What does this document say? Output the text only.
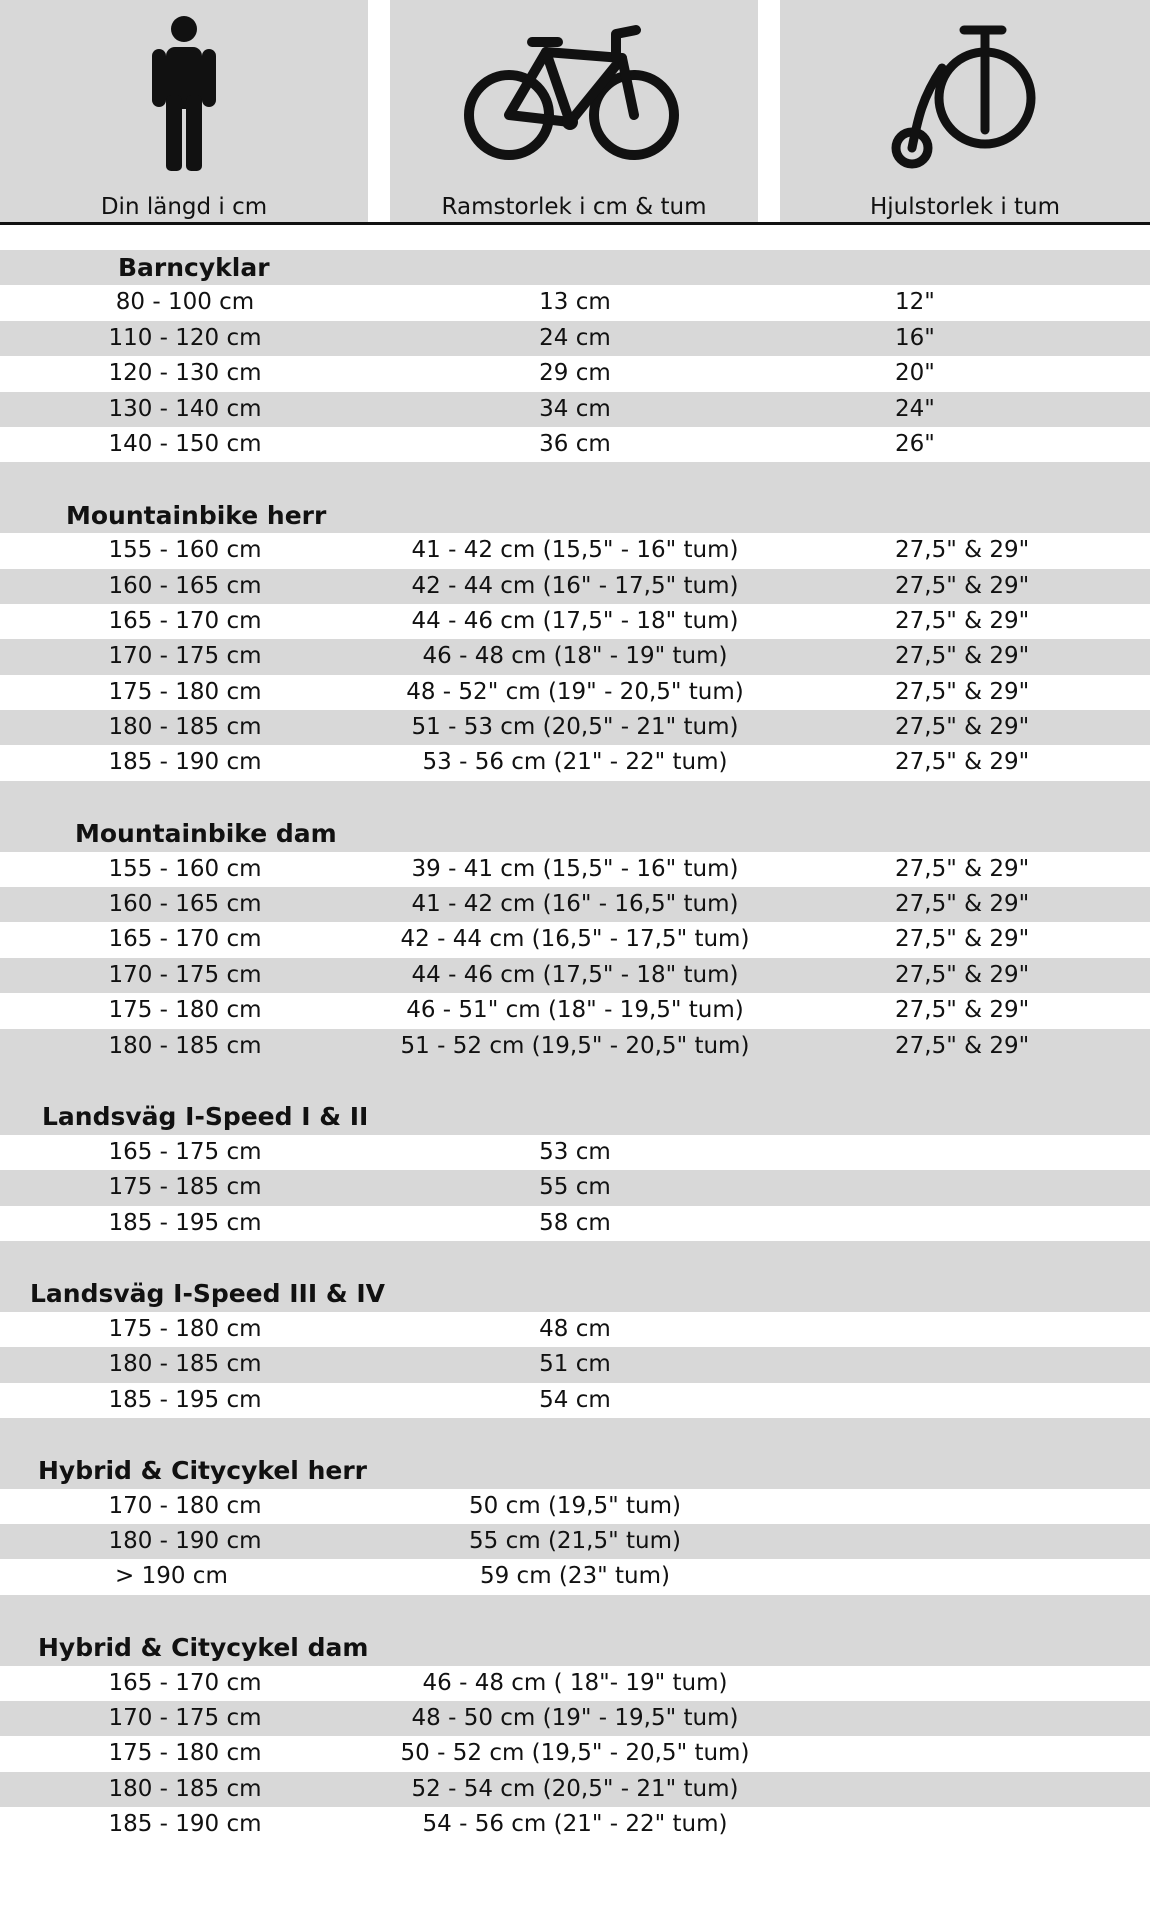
Din längd i cm	Ramstorlek i cm & tum	Hjulstorlek i tum
Barncyklar
80 - 100 cm	13 cm	12"
110 - 120 cm	24 cm	16"
120 - 130 cm	29 cm	20"
130 - 140 cm	34 cm	24"
140 - 150 cm	36 cm	26"
Mountainbike herr
155 - 160 cm	41 - 42 cm (15,5" - 16" tum)	27,5" & 29"
160 - 165 cm	42 - 44 cm (16" - 17,5" tum)	27,5" & 29"
165 - 170 cm	44 - 46 cm (17,5" - 18" tum)	27,5" & 29"
170 - 175 cm	46 - 48 cm (18" - 19" tum)	27,5" & 29"
175 - 180 cm	48 - 52" cm (19" - 20,5" tum)	27,5" & 29"
180 - 185 cm	51 - 53 cm (20,5" - 21" tum)	27,5" & 29"
185 - 190 cm	53 - 56 cm (21" - 22" tum)	27,5" & 29"
Mountainbike dam
155 - 160 cm	39 - 41 cm (15,5" - 16" tum)	27,5" & 29"
160 - 165 cm	41 - 42 cm (16" - 16,5" tum)	27,5" & 29"
165 - 170 cm	42 - 44 cm (16,5" - 17,5" tum)	27,5" & 29"
170 - 175 cm	44 - 46 cm (17,5" - 18" tum)	27,5" & 29"
175 - 180 cm	46 - 51" cm (18" - 19,5" tum)	27,5" & 29"
180 - 185 cm	51 - 52 cm (19,5" - 20,5" tum)	27,5" & 29"
Landsväg I-Speed I & II
165 - 175 cm	53 cm
175 - 185 cm	55 cm
185 - 195 cm	58 cm
Landsväg I-Speed III & IV
175 - 180 cm	48 cm
180 - 185 cm	51 cm
185 - 195 cm	54 cm
Hybrid & Citycykel herr
170 - 180 cm	50 cm (19,5" tum)
180 - 190 cm	55 cm (21,5" tum)
> 190 cm	59 cm (23" tum)
Hybrid & Citycykel dam
165 - 170 cm	46 - 48 cm ( 18"- 19" tum)
170 - 175 cm	48 - 50 cm (19" - 19,5" tum)
175 - 180 cm	50 - 52 cm (19,5" - 20,5" tum)
180 - 185 cm	52 - 54 cm (20,5" - 21" tum)
185 - 190 cm	54 - 56 cm (21" - 22" tum)
